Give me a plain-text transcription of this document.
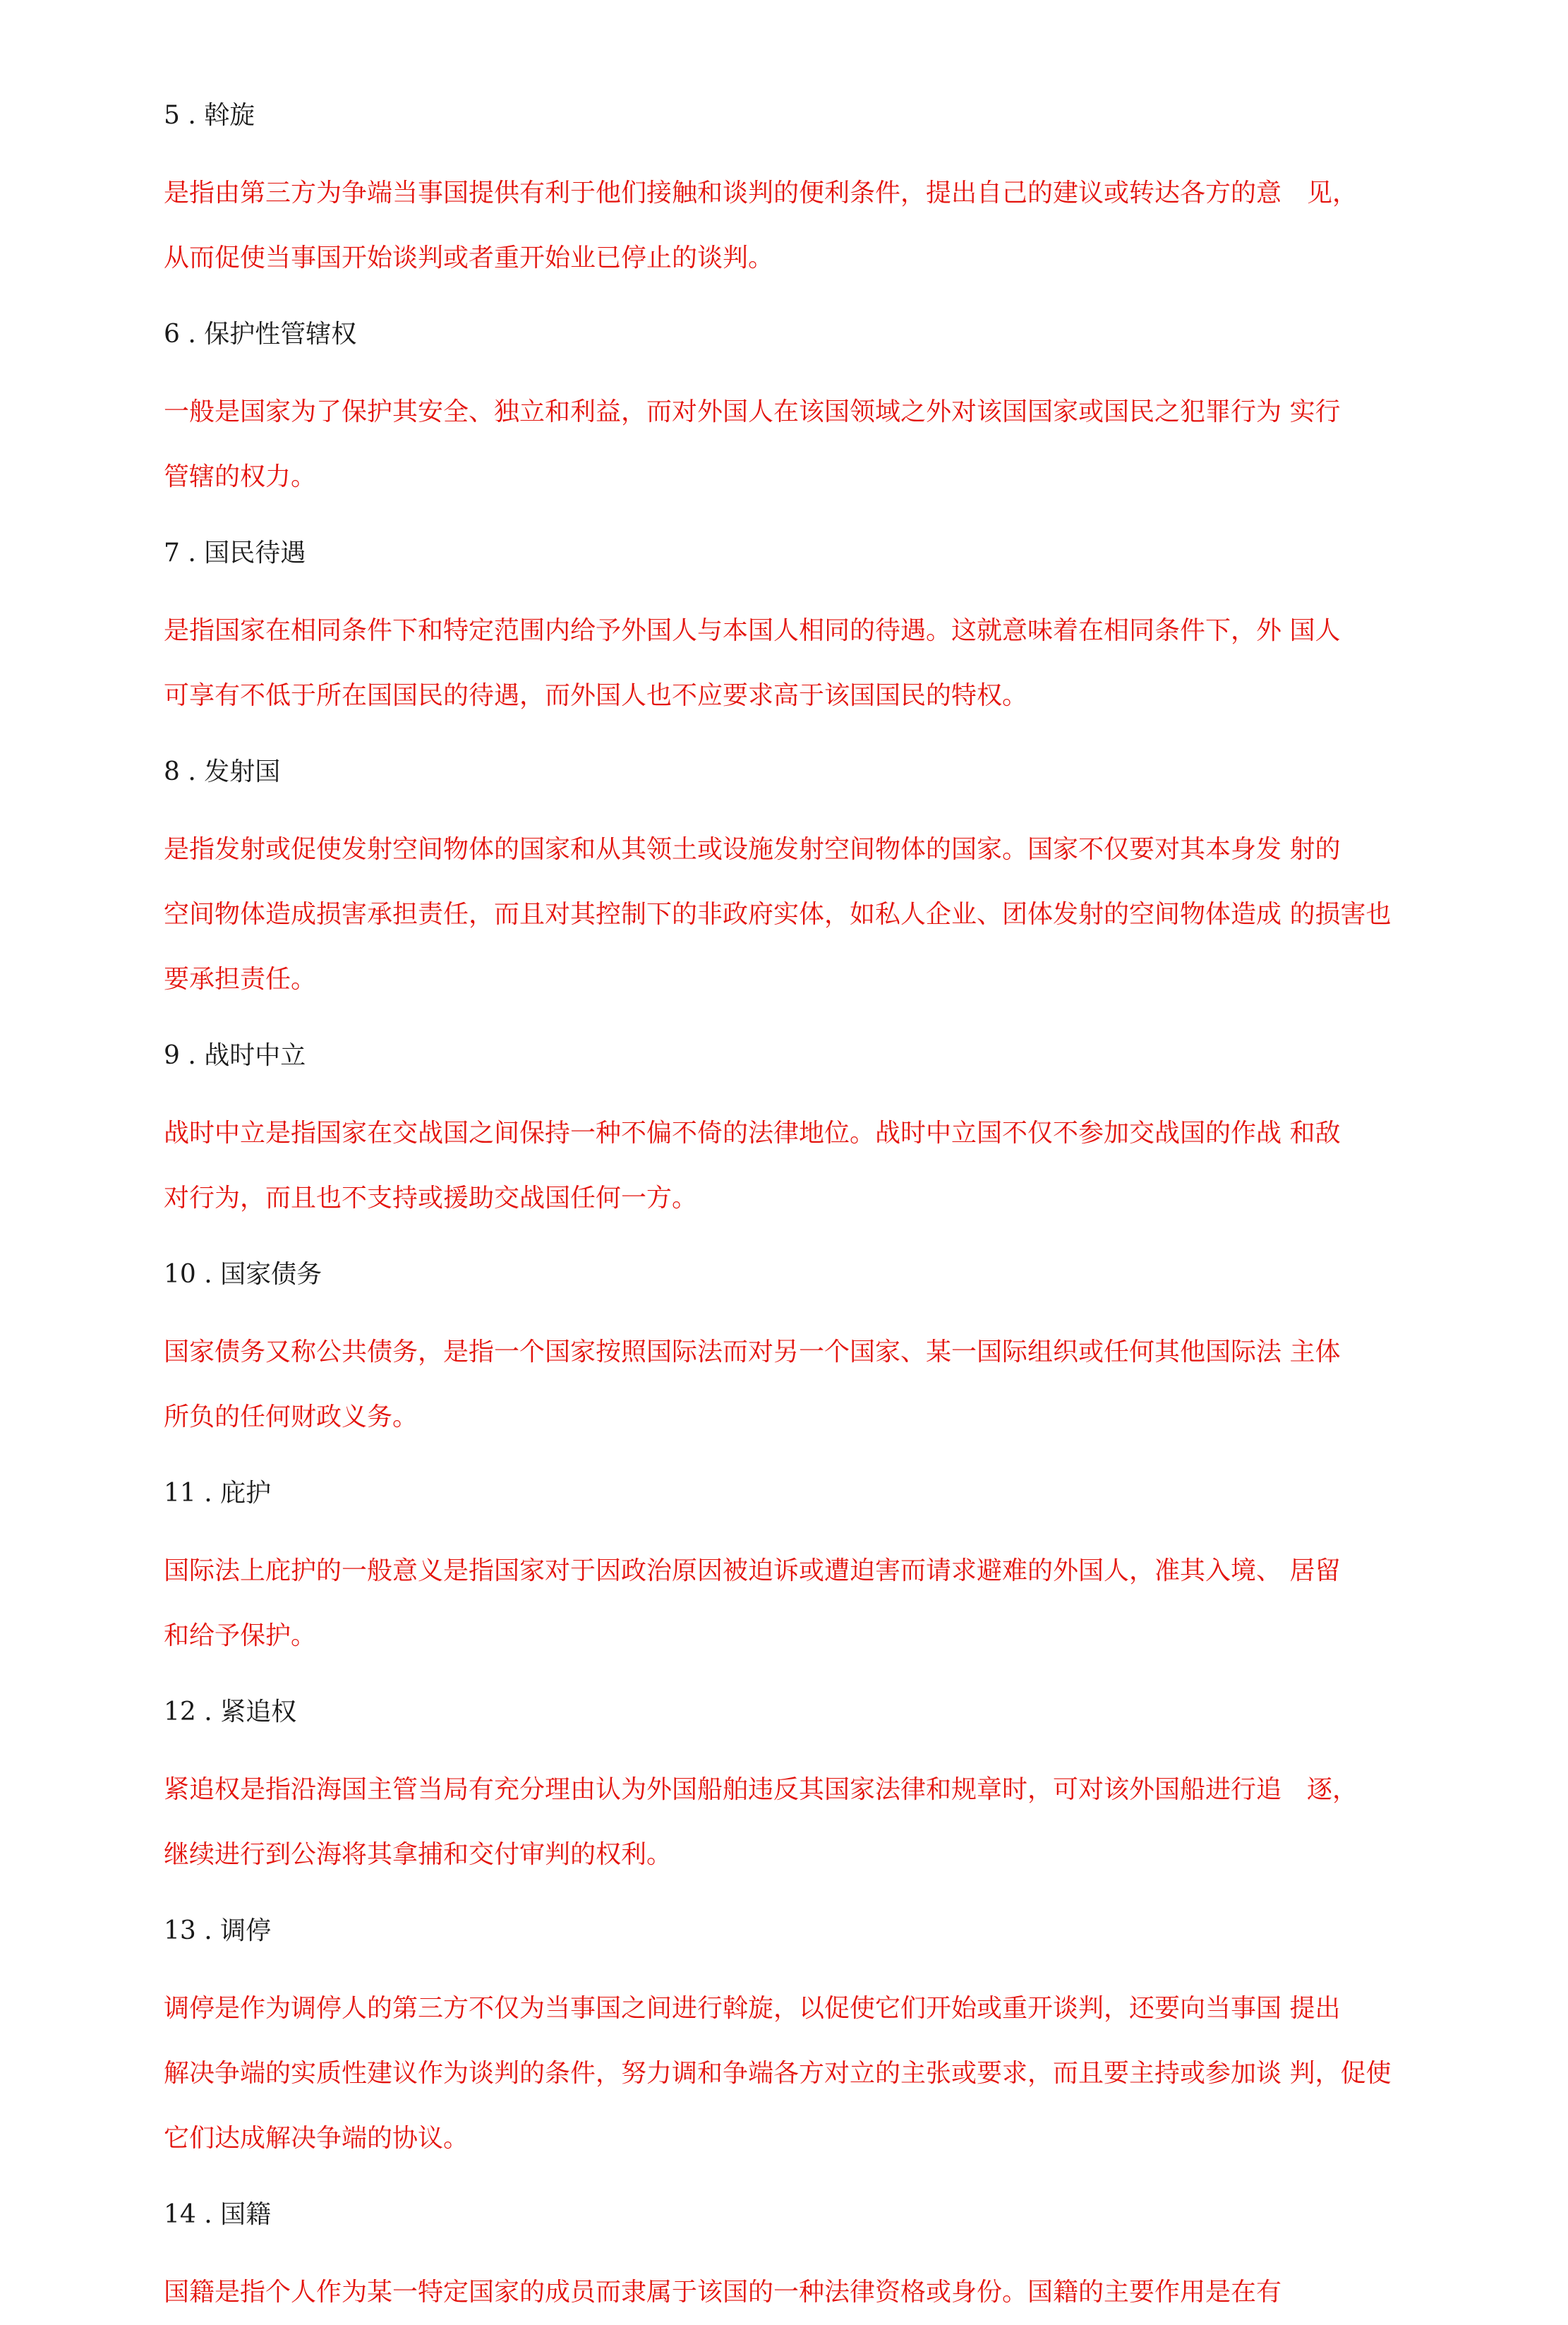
5 . 斡旋

是指由第三方为争端当事国提供有利于他们接触和谈判的便利条件，提出自己的建议或转达各方的意　见，

从而促使当事国开始谈判或者重开始业已停止的谈判。

6 . 保护性管辖权

一般是国家为了保护其安全、独立和利益，而对外国人在该国领域之外对该国国家或国民之犯罪行为 实行

管辖的权力。

7 . 国民待遇

是指国家在相同条件下和特定范围内给予外国人与本国人相同的待遇。这就意味着在相同条件下，外 国人

可享有不低于所在国国民的待遇，而外国人也不应要求高于该国国民的特权。

8 . 发射国

是指发射或促使发射空间物体的国家和从其领土或设施发射空间物体的国家。国家不仅要对其本身发 射的

空间物体造成损害承担责任，而且对其控制下的非政府实体，如私人企业、团体发射的空间物体造成 的损害也

要承担责任。

9 . 战时中立

战时中立是指国家在交战国之间保持一种不偏不倚的法律地位。战时中立国不仅不参加交战国的作战 和敌

对行为，而且也不支持或援助交战国任何一方。

10 . 国家债务

国家债务又称公共债务，是指一个国家按照国际法而对另一个国家、某一国际组织或任何其他国际法 主体

所负的任何财政义务。

11 . 庇护

国际法上庇护的一般意义是指国家对于因政治原因被迫诉或遭迫害而请求避难的外国人，准其入境、 居留

和给予保护。

12 . 紧追权

紧追权是指沿海国主管当局有充分理由认为外国船舶违反其国家法律和规章时，可对该外国船进行追　逐，

继续进行到公海将其拿捕和交付审判的权利。

13 . 调停

调停是作为调停人的第三方不仅为当事国之间进行斡旋，以促使它们开始或重开谈判，还要向当事国 提出

解决争端的实质性建议作为谈判的条件，努力调和争端各方对立的主张或要求，而且要主持或参加谈 判，促使

它们达成解决争端的协议。

14 . 国籍

国籍是指个人作为某一特定国家的成员而隶属于该国的一种法律资格或身份。国籍的主要作用是在有
